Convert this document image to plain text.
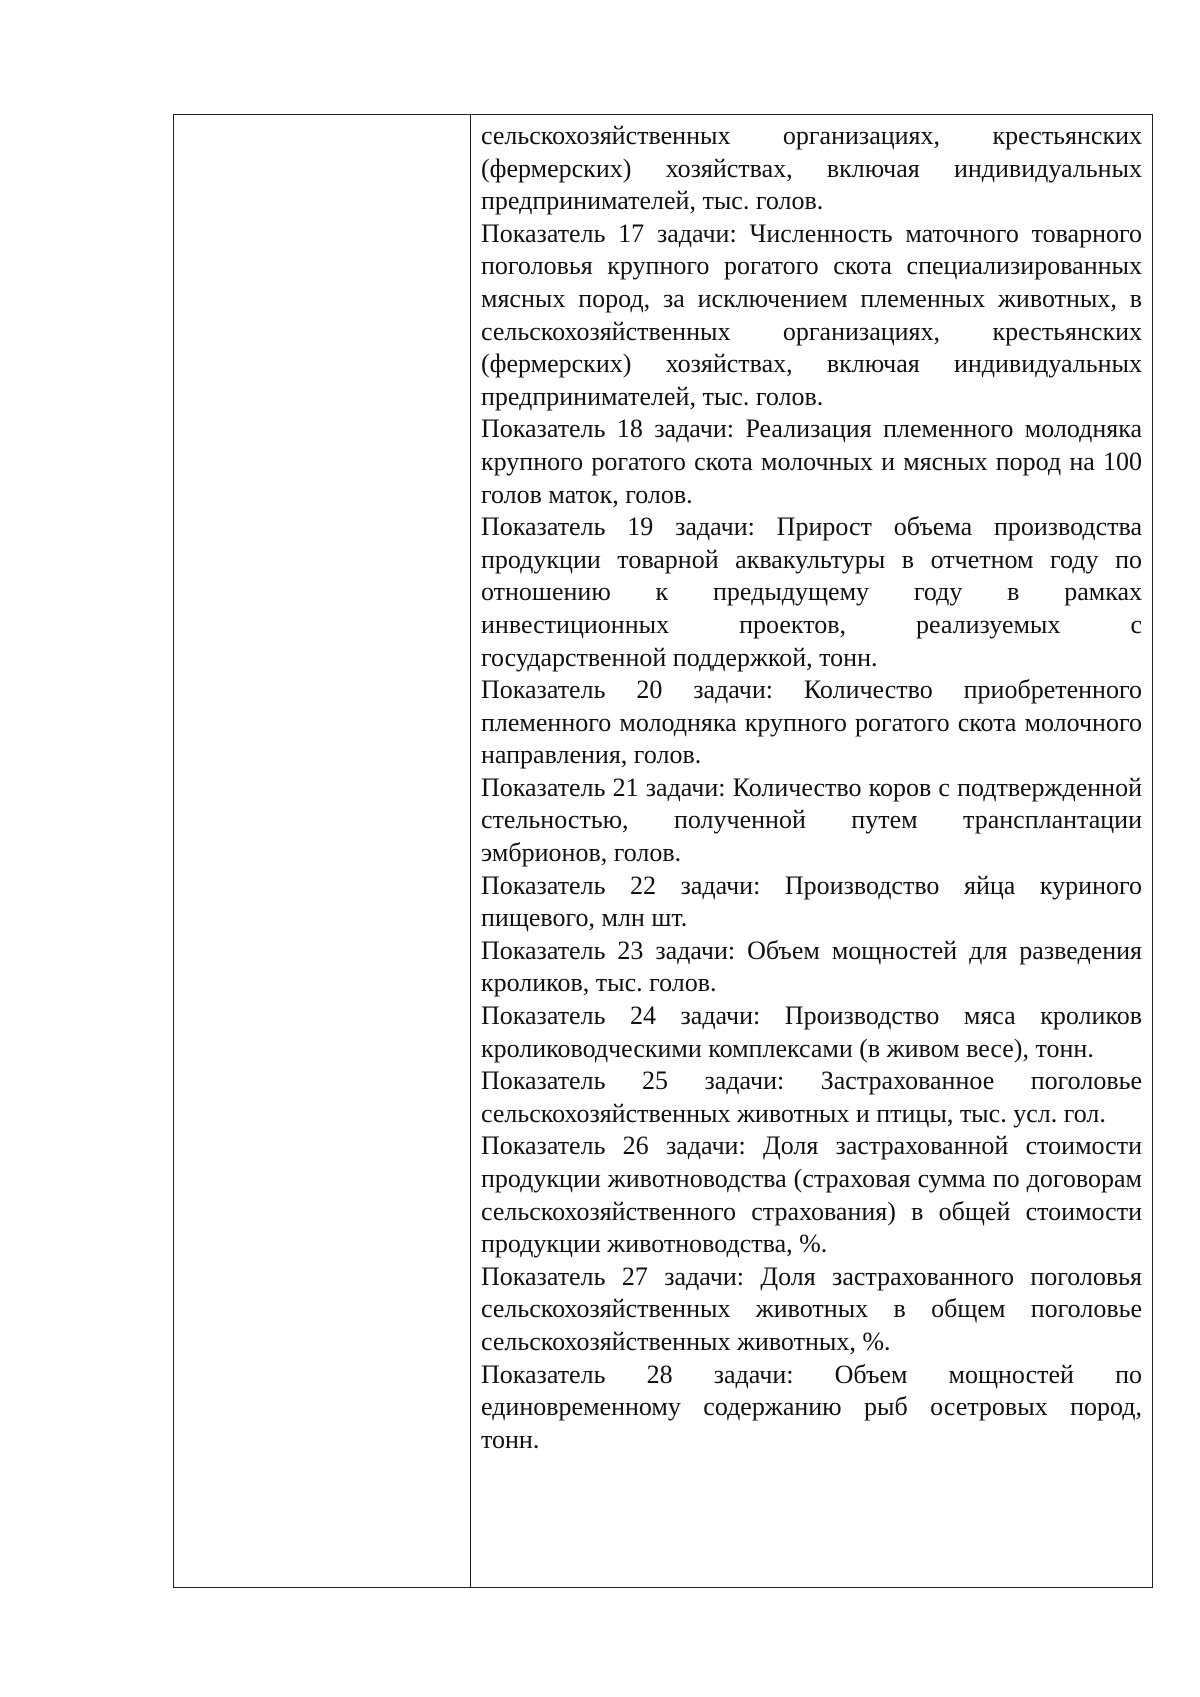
сельскохозяйственных организациях, крестьянских (фермерских) хозяйствах, включая индивидуальных предпринимателей, тыс. голов.

Показатель 17 задачи: Численность маточного товарного поголовья крупного рогатого скота специализированных мясных пород, за исключением племенных животных, в сельскохозяйственных организациях, крестьянских (фермерских) хозяйствах, включая индивидуальных предпринимателей, тыс. голов.

Показатель 18 задачи: Реализация племенного молодняка крупного рогатого скота молочных и мясных пород на 100 голов маток, голов.

Показатель 19 задачи: Прирост объема производства продукции товарной аквакультуры в отчетном году по отношению к предыдущему году в рамках инвестиционных проектов, реализуемых с государственной поддержкой, тонн.

Показатель 20 задачи: Количество приобретенного племенного молодняка крупного рогатого скота молочного направления, голов.

Показатель 21 задачи: Количество коров с подтвержденной стельностью, полученной путем трансплантации эмбрионов, голов.

Показатель 22 задачи: Производство яйца куриного пищевого, млн шт.

Показатель 23 задачи: Объем мощностей для разведения кроликов, тыс. голов.

Показатель 24 задачи: Производство мяса кроликов кролиководческими комплексами (в живом весе), тонн.

Показатель 25 задачи: Застрахованное поголовье сельскохозяйственных животных и птицы, тыс. усл. гол.

Показатель 26 задачи: Доля застрахованной стоимости продукции животноводства (страховая сумма по договорам сельскохозяйственного страхования) в общей стоимости продукции животноводства, %.

Показатель 27 задачи: Доля застрахованного поголовья сельскохозяйственных животных в общем поголовье сельскохозяйственных животных, %.

Показатель 28 задачи: Объем мощностей по единовременному содержанию рыб осетровых пород, тонн.
